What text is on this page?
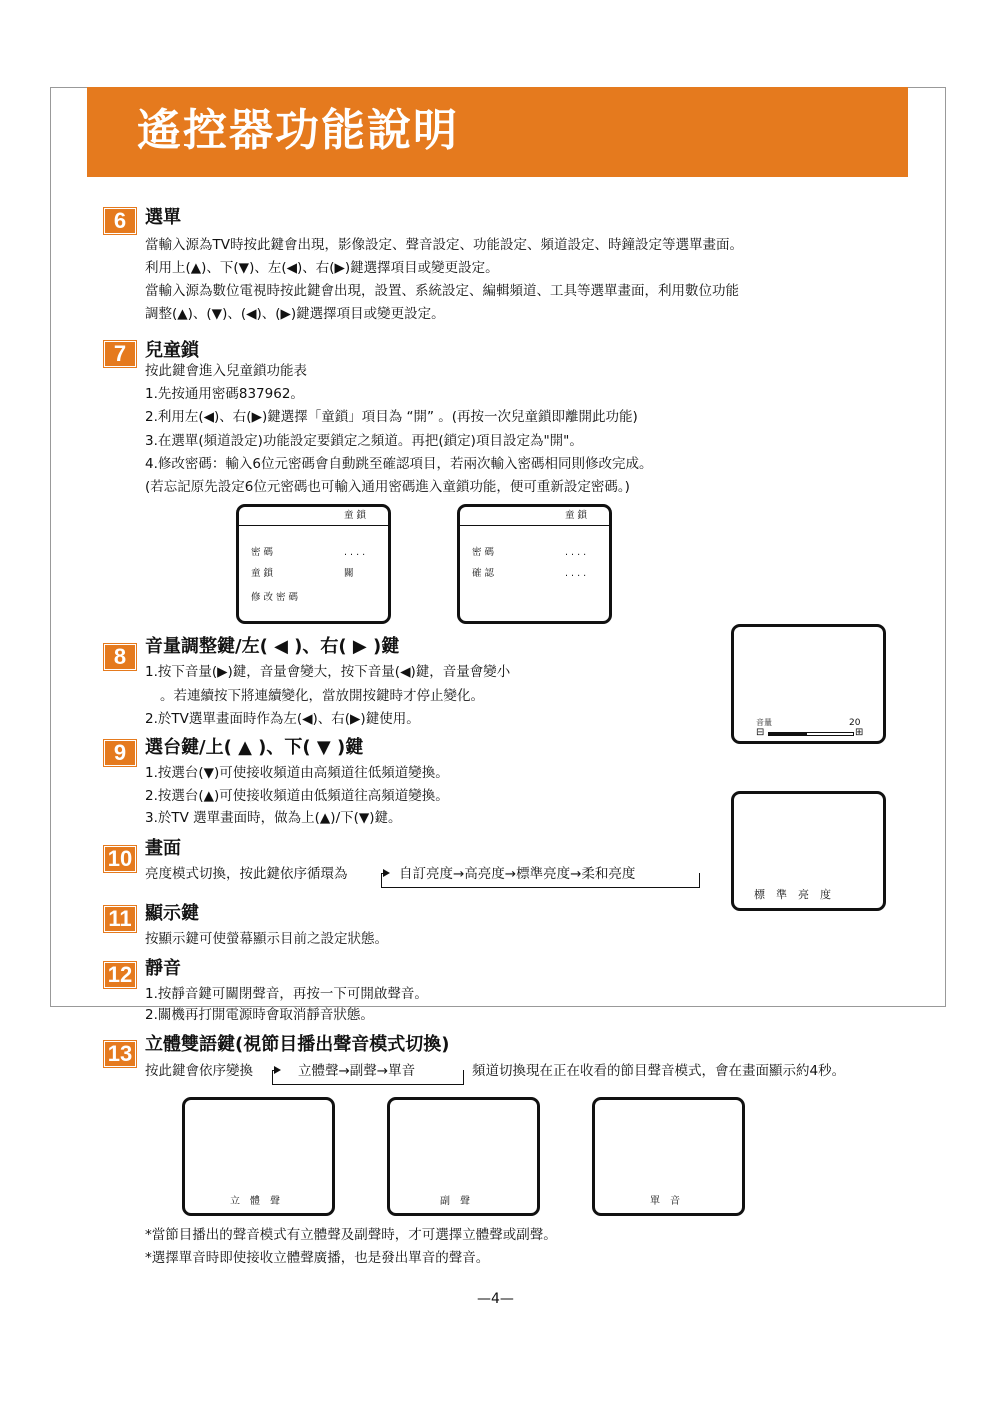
遙控器功能說明
6	選單
當輸入源為TV時按此鍵會出現，影像設定、聲音設定、功能設定、頻道設定、時鐘設定等選單畫面。
利用上(▲)、下(▼)、左(◀)、右(▶)鍵選擇項目或變更設定。
當輸入源為數位電視時按此鍵會出現，設置、系統設定、編輯頻道、工具等選單畫面，利用數位功能
調整(▲)、(▼)、(◀)、(▶)鍵選擇項目或變更設定。
7	兒童鎖
按此鍵會進入兒童鎖功能表
1.先按通用密碼837962。
2.利用左(◀)、右(▶)鍵選擇「童鎖」項目為 “開” 。(再按一次兒童鎖即離開此功能)
3.在選單(頻道設定)功能設定要鎖定之頻道。再把(鎖定)項目設定為"開"。
4.修改密碼：輸入6位元密碼會自動跳至確認項目，若兩次輸入密碼相同則修改完成。
(若忘記原先設定6位元密碼也可輸入通用密碼進入童鎖功能，便可重新設定密碼。)
童 鎖
密 碼	. . . .
童 鎖	關
修 改 密 碼
童 鎖
密 碼	. . . .
確 認	. . . .
8	音量調整鍵/左( ◀ )、右( ▶ )鍵
1.按下音量(▶)鍵，音量會變大，按下音量(◀)鍵，音量會變小
。若連續按下將連續變化，當放開按鍵時才停止變化。
2.於TV選單畫面時作為左(◀)、右(▶)鍵使用。	音量	20
⊟	⊞
9	選台鍵/上( ▲ )、下( ▼ )鍵
1.按選台(▼)可使接收頻道由高頻道往低頻道變換。
2.按選台(▲)可使接收頻道由低頻道往高頻道變換。
3.於TV 選單畫面時，做為上(▲)/下(▼)鍵。
10 畫面
亮度模式切換，按此鍵依序循環為	自訂亮度→高亮度→標準亮度→柔和亮度
標　準　亮　度
11 顯示鍵
按顯示鍵可使螢幕顯示目前之設定狀態。
12 靜音
1.按靜音鍵可關閉聲音，再按一下可開啟聲音。
2.關機再打開電源時會取消靜音狀態。
13 立體雙語鍵(視節目播出聲音模式切換)
按此鍵會依序變換	立體聲→副聲→單音	頻道切換現在正在收看的節目聲音模式，會在畫面顯示約4秒。
立　體　聲	副　聲	單　音
*當節目播出的聲音模式有立體聲及副聲時，才可選擇立體聲或副聲。
*選擇單音時即使接收立體聲廣播，也是發出單音的聲音。
—4—
